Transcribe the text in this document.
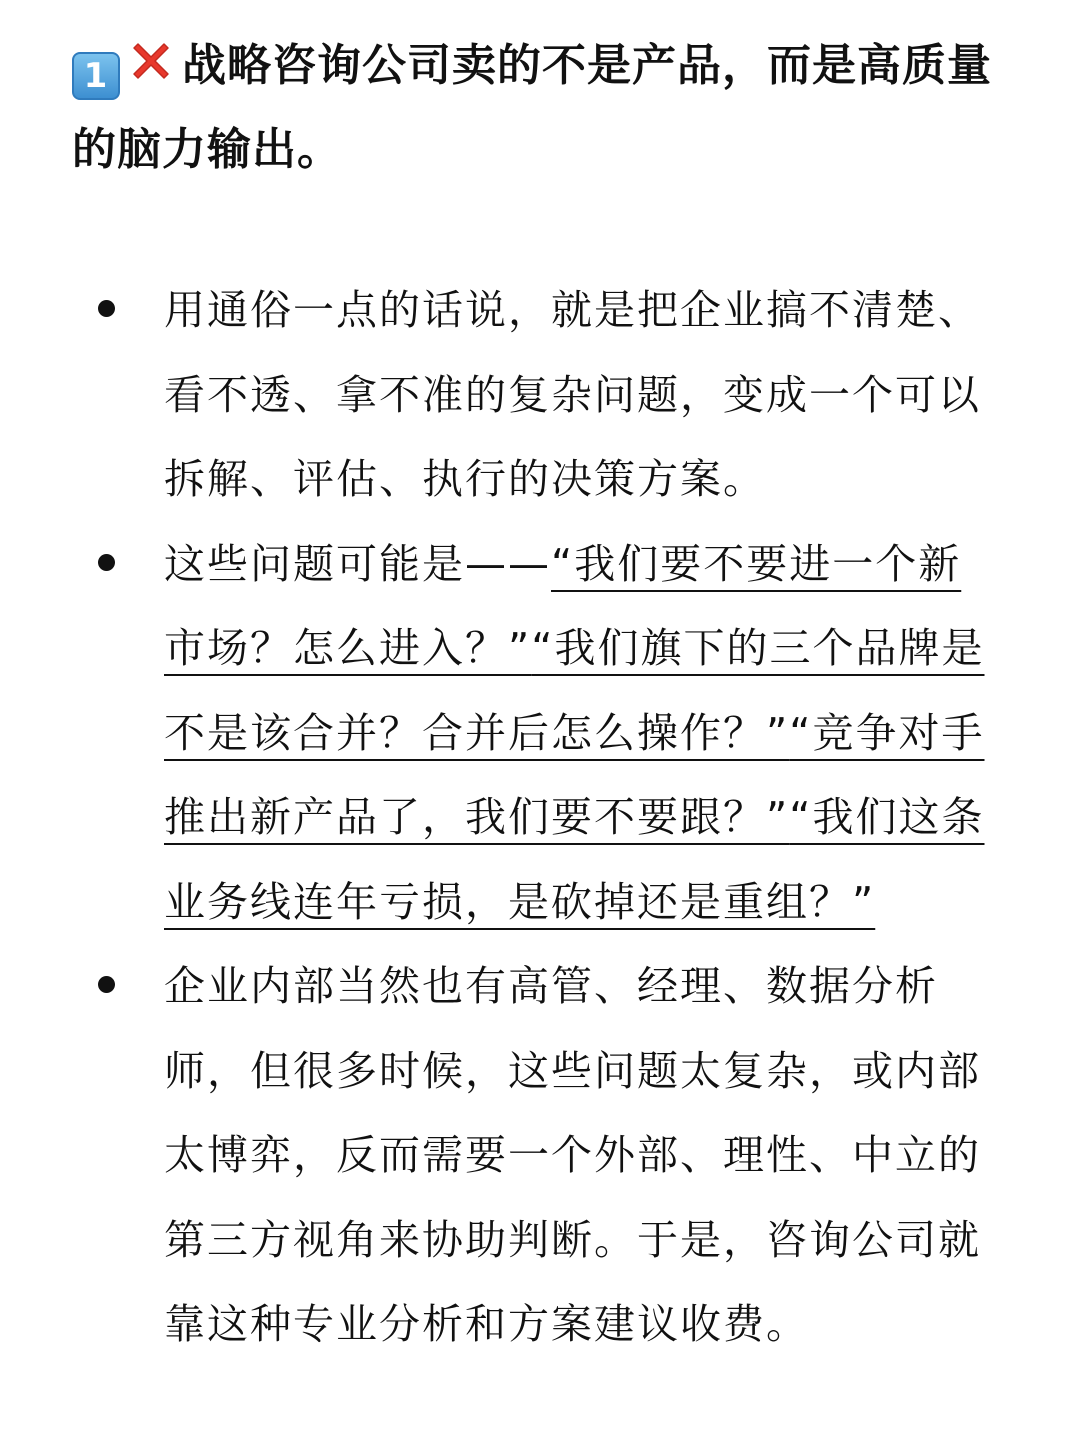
1 战略咨询公司卖的不是产品，而是高质量的脑力输出。
用通俗一点的话说，就是把企业搞不清楚、看不透、拿不准的复杂问题，变成一个可以拆解、评估、执行的决策方案。
这些问题可能是——“我们要不要进一个新市场？怎么进入？”“我们旗下的三个品牌是不是该合并？合并后怎么操作？”“竞争对手推出新产品了，我们要不要跟？”“我们这条业务线连年亏损，是砍掉还是重组？”
企业内部当然也有高管、经理、数据分析师，但很多时候，这些问题太复杂，或内部太博弈，反而需要一个外部、理性、中立的第三方视角来协助判断。于是，咨询公司就靠这种专业分析和方案建议收费。
